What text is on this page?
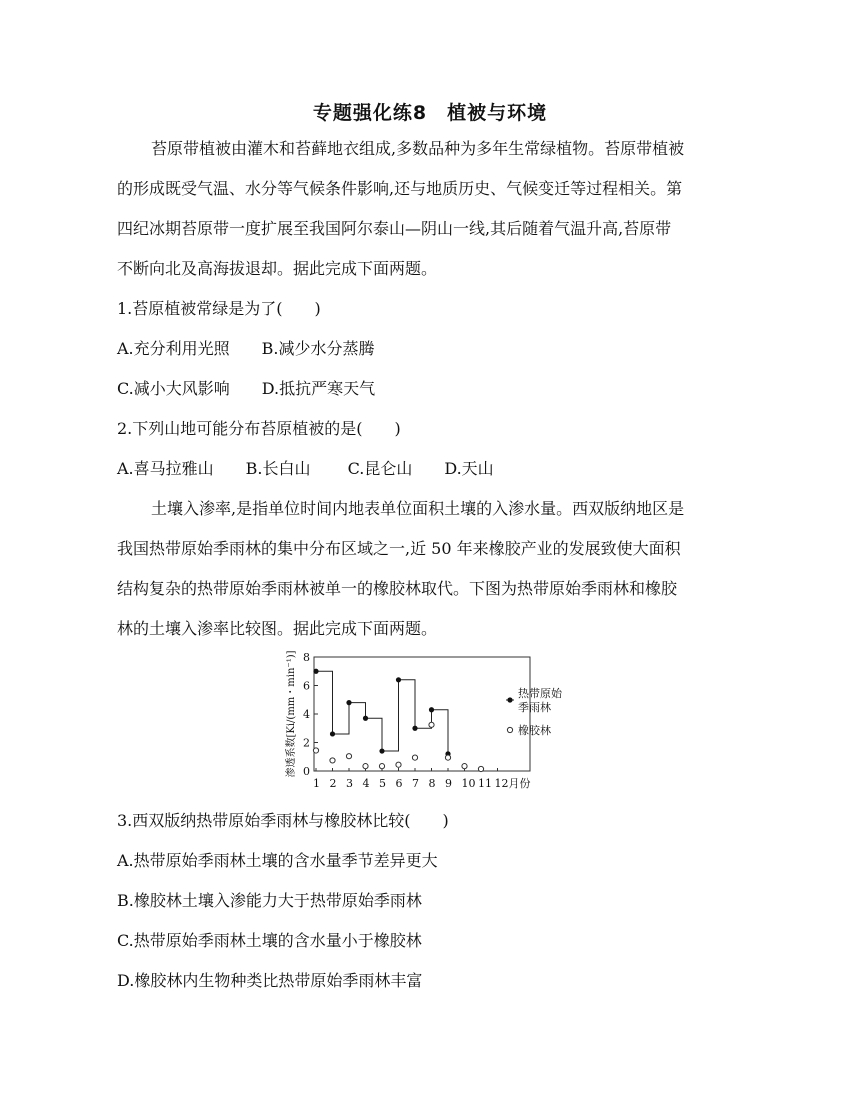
专题强化练8　植被与环境
苔原带植被由灌木和苔藓地衣组成,多数品种为多年生常绿植物。苔原带植被
的形成既受气温、水分等气候条件影响,还与地质历史、气候变迁等过程相关。第
四纪冰期苔原带一度扩展至我国阿尔泰山—阴山一线,其后随着气温升高,苔原带
不断向北及高海拔退却。据此完成下面两题。
1.苔原植被常绿是为了(　　)
A.充分利用光照　　B.减少水分蒸腾
C.减小大风影响　　D.抵抗严寒天气
2.下列山地可能分布苔原植被的是(　　)
A.喜马拉雅山　　B.长白山　　 C.昆仑山　　D.天山
土壤入渗率,是指单位时间内地表单位面积土壤的入渗水量。西双版纳地区是
我国热带原始季雨林的集中分布区域之一,近 50 年来橡胶产业的发展致使大面积
结构复杂的热带原始季雨林被单一的橡胶林取代。下图为热带原始季雨林和橡胶
林的土壤入渗率比较图。据此完成下面两题。
0
2
4
6
8
1 2 3 4 5 6 7 8 9 10 11 12月份
渗透系数[Ki/(mm・min⁻¹)]	热带原始
季雨林
橡胶林
3.西双版纳热带原始季雨林与橡胶林比较(　　)
A.热带原始季雨林土壤的含水量季节差异更大
B.橡胶林土壤入渗能力大于热带原始季雨林
C.热带原始季雨林土壤的含水量小于橡胶林
D.橡胶林内生物种类比热带原始季雨林丰富
